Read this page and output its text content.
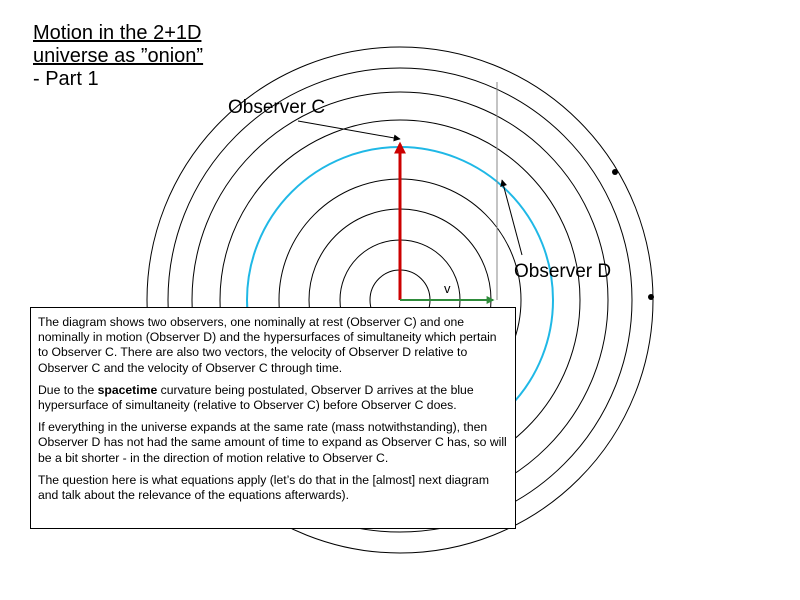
v
Observer C
Observer D
Motion in the 2+1D
universe as ”onion”
- Part 1

The diagram shows two observers, one nominally at rest (Observer C) and one nominally in motion (Observer D) and the hypersurfaces of simultaneity which pertain to Observer C. There are also two vectors, the velocity of Observer D relative to Observer C and the velocity of Observer C through time.

Due to the spacetime curvature being postulated, Observer D arrives at the blue hypersurface of simultaneity (relative to Observer C) before Observer C does.

If everything in the universe expands at the same rate (mass notwithstanding), then Observer D has not had the same amount of time to expand as Observer C has, so will be a bit shorter - in the direction of motion relative to Observer C.

The question here is what equations apply (let’s do that in the [almost] next diagram and talk about the relevance of the equations afterwards).
